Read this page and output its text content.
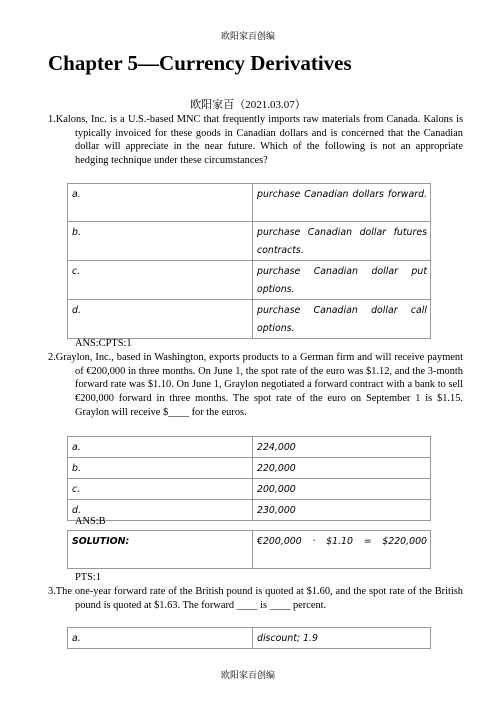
欧阳家百创编
Chapter 5—Currency Derivatives
欧阳家百（2021.03.07）
1.Kalons, Inc. is a U.S.-based MNC that frequently imports raw materials from Canada. Kalons is typically invoiced for these goods in Canadian dollars and is concerned that the Canadian dollar will appreciate in the near future. Which of the following is not an appropriate hedging technique under these circumstances?
a.	purchase Canadian dollars forward.
b.	purchase Canadian dollar futures contracts.
c.	purchase Canadian dollar put options.
d.	purchase Canadian dollar call options.
ANS:CPTS:1
2.Graylon, Inc., based in Washington, exports products to a German firm and will receive payment of €200,000 in three months. On June 1, the spot rate of the euro was $1.12, and the 3-month forward rate was $1.10. On June 1, Graylon negotiated a forward contract with a bank to sell €200,000 forward in three months. The spot rate of the euro on September 1 is $1.15. Graylon will receive $____ for the euros.
a.	224,000
b.	220,000
c.	200,000
d.	230,000
ANS:B
SOLUTION:	€200,000 · $1.10 = $220,000
PTS:1
3.The one-year forward rate of the British pound is quoted at $1.60, and the spot rate of the British pound is quoted at $1.63. The forward ____ is ____ percent.
a.	discount; 1.9
欧阳家百创编
